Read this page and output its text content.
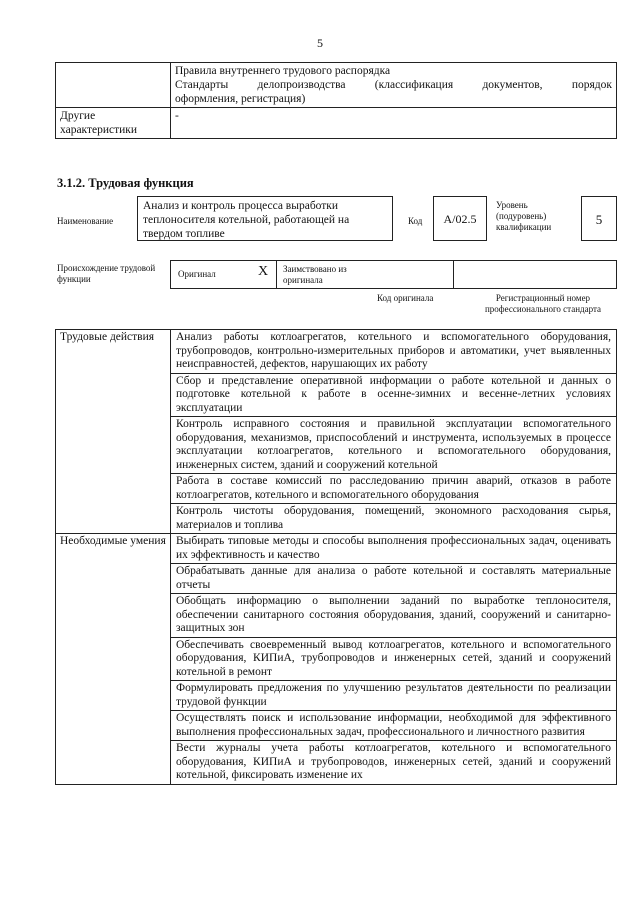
5

	Правила внутреннего трудового распорядка
Стандарты делопроизводства (классификация документов, порядок
оформления, регистрация)

Другие характеристики	-
3.1.2. Трудовая функция
Наименование
Анализ и контроль процесса выработки теплоносителя котельной, работающей на твердом топливе
Код	A/02.5
Уровень (подуровень) квалификации	5
Происхождение трудовой функции	Оригинал	X Заимствовано из оригинала
Код оригинала	Регистрационный номер профессионального стандарта
Трудовые действия	Анализ работы котлоагрегатов, котельного и вспомогательного оборудования, трубопроводов, контрольно-измерительных приборов и автоматики, учет выявленных неисправностей, дефектов, нарушающих их работу
	Сбор и представление оперативной информации о работе котельной и данных о подготовке котельной к работе в осенне-зимних и весенне-летних условиях эксплуатации
	Контроль исправного состояния и правильной эксплуатации вспомогательного оборудования, механизмов, приспособлений и инструмента, используемых в процессе эксплуатации котлоагрегатов, котельного и вспомогательного оборудования, инженерных систем, зданий и сооружений котельной
	Работа в составе комиссий по расследованию причин аварий, отказов в работе котлоагрегатов, котельного и вспомогательного оборудования
	Контроль чистоты оборудования, помещений, экономного расходования сырья, материалов и топлива
Необходимые умения	Выбирать типовые методы и способы выполнения профессиональных задач, оценивать их эффективность и качество
	Обрабатывать данные для анализа о работе котельной и составлять материальные отчеты
	Обобщать информацию о выполнении заданий по выработке теплоносителя, обеспечении санитарного состояния оборудования, зданий, сооружений и санитарно-защитных зон
	Обеспечивать своевременный вывод котлоагрегатов, котельного и вспомогательного оборудования, КИПиА, трубопроводов и инженерных сетей, зданий и сооружений котельной в ремонт
	Формулировать предложения по улучшению результатов деятельности по реализации трудовой функции
	Осуществлять поиск и использование информации, необходимой для эффективного выполнения профессиональных задач, профессионального и личностного развития
	Вести журналы учета работы котлоагрегатов, котельного и вспомогательного оборудования, КИПиА и трубопроводов, инженерных сетей, зданий и сооружений котельной, фиксировать изменение их
